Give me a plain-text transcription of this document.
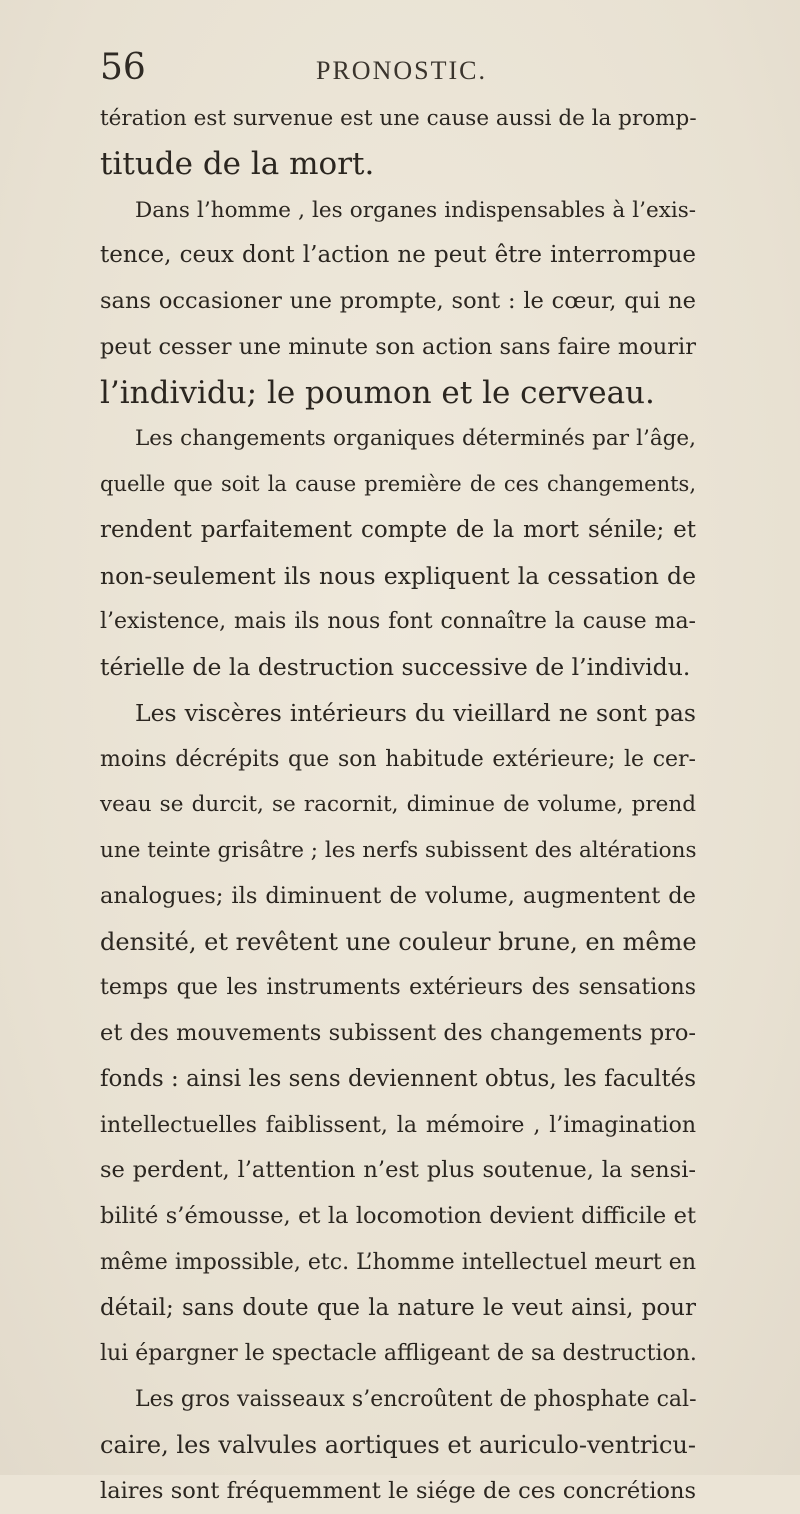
56	PRONOSTIC.
tération est survenue est une cause aussi de la promp-
titude de la mort.
Dans l’homme , les organes indispensables à l’exis-
tence, ceux dont l’action ne peut être interrompue
sans occasioner une prompte, sont : le cœur, qui ne
peut cesser une minute son action sans faire mourir
l’individu; le poumon et le cerveau.
Les changements organiques déterminés par l’âge,
quelle que soit la cause première de ces changements,
rendent parfaitement compte de la mort sénile; et
non-seulement ils nous expliquent la cessation de
l’existence, mais ils nous font connaître la cause ma-
térielle de la destruction successive de l’individu.
Les viscères intérieurs du vieillard ne sont pas
moins décrépits que son habitude extérieure; le cer-
veau se durcit, se racornit, diminue de volume, prend
une teinte grisâtre ; les nerfs subissent des altérations
analogues; ils diminuent de volume, augmentent de
densité, et revêtent une couleur brune, en même
temps que les instruments extérieurs des sensations
et des mouvements subissent des changements pro-
fonds : ainsi les sens deviennent obtus, les facultés
intellectuelles faiblissent, la mémoire , l’imagination
se perdent, l’attention n’est plus soutenue, la sensi-
bilité s’émousse, et la locomotion devient difficile et
même impossible, etc. L’homme intellectuel meurt en
détail; sans doute que la nature le veut ainsi, pour
lui épargner le spectacle affligeant de sa destruction.
Les gros vaisseaux s’encroûtent de phosphate cal-
caire, les valvules aortiques et auriculo-ventricu-
laires sont fréquemment le siége de ces concrétions
